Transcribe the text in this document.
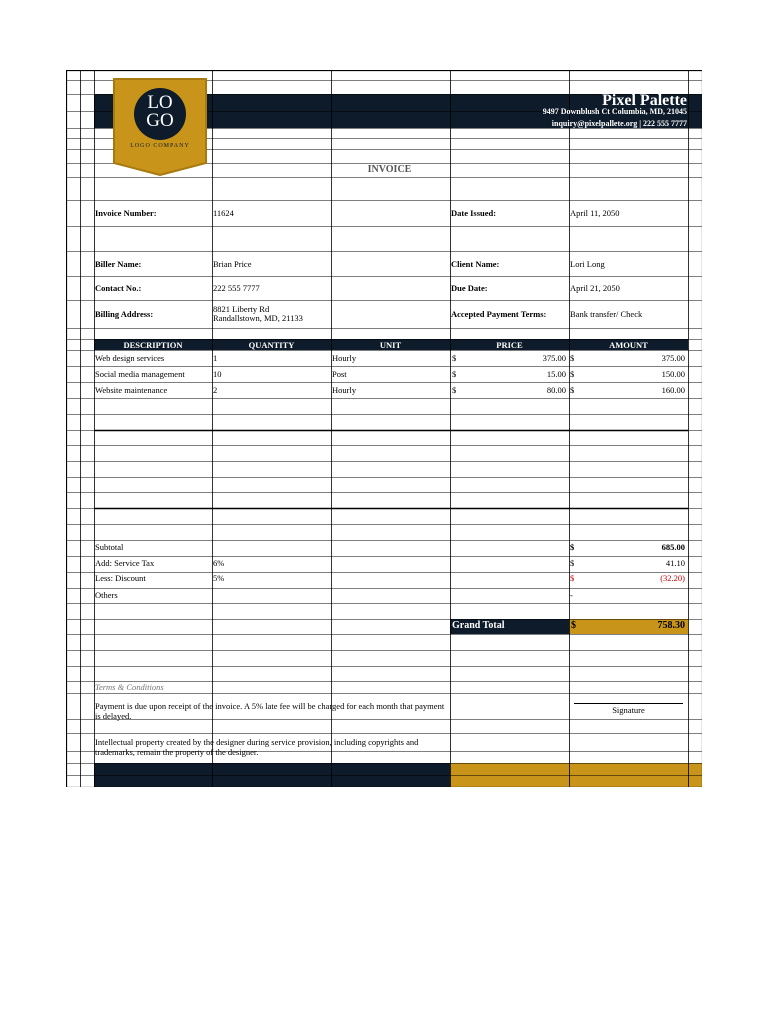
LO
GO
LOGO COMPANY
Pixel Palette
9497 Downblush Ct Columbia, MD, 21045
inquiry@pixelpallete.org | 222 555 7777
INVOICE
Invoice Number:	11624	Date Issued:	April 11, 2050
Biller Name:	Brian Price	Client Name:	Lori Long
Contact No.:	222 555 7777	Due Date:	April 21, 2050
Billing Address:	8821 Liberty Rd
Randallstown, MD, 21133	Accepted Payment Terms:	Bank transfer/ Check
DESCRIPTION	QUANTITY	UNIT	PRICE	AMOUNT
Web design services	1	Hourly	$	375.00 $	375.00
Social media management	10	Post	$	15.00 $	150.00
Website maintenance	2	Hourly	$	80.00 $	160.00
Subtotal	$	685.00
Add: Service Tax	6%	$	41.10
Less: Discount	5%	$	(32.20)
Others	-
Grand Total	$	758.30
Terms & Conditions
Payment is due upon receipt of the invoice. A 5% late fee will be charged for each month that payment is delayed.
Intellectual property created by the designer during service provision, including copyrights and trademarks, remain the property of the designer.
Signature
